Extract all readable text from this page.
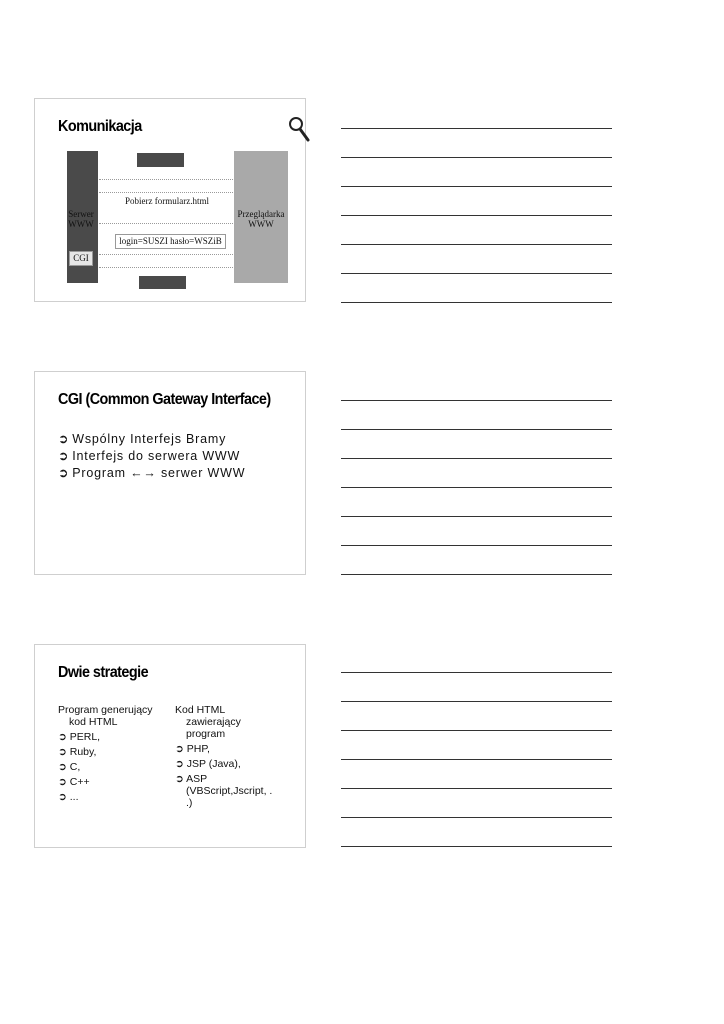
Komunikacja
Serwer
WWW
Przeglądarka
WWW
Pobierz formularz.html
login=SUSZI hasło=WSZiB
CGI
CGI (Common Gateway Interface)
➲ Wspólny Interfejs Bramy
➲ Interfejs do serwera WWW
➲ Program ←→ serwer WWW
Dwie strategie
Program generujący
kod HTML
➲ PERL,
➲ Ruby,
➲ C,
➲ C++
➲ ...
Kod HTML
zawierający
program
➲ PHP,
➲ JSP (Java),
➲ ASP
(VBScript,Jscript, .
.)
